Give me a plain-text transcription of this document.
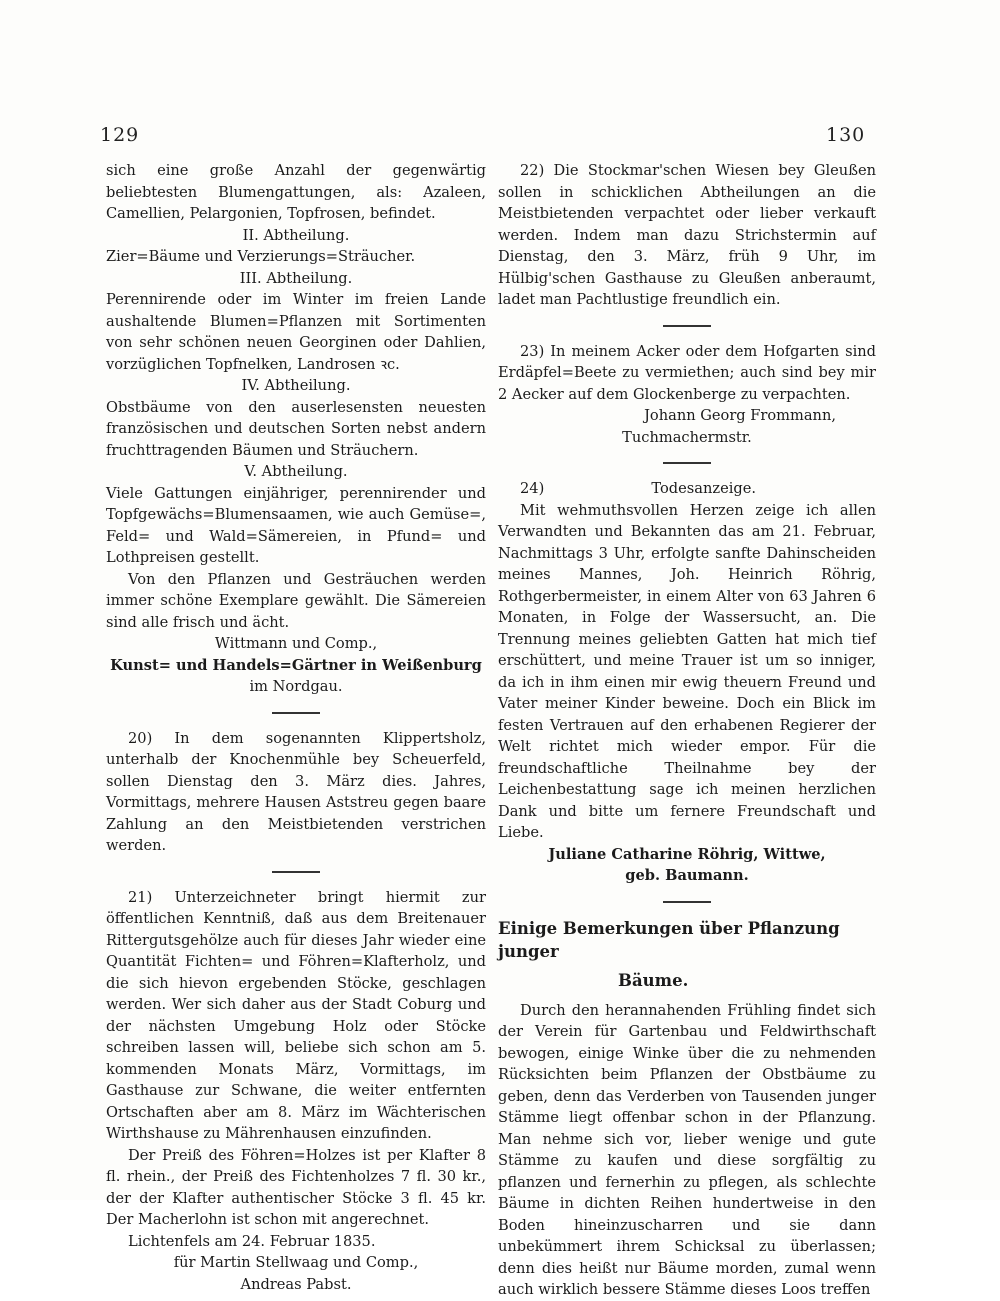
129	130

sich eine große Anzahl der gegenwärtig beliebtesten Blumengattungen, als: Azaleen, Camellien, Pelargonien, Topfrosen, befindet.

II. Abtheilung.

Zier=Bäume und Verzierungs=Sträucher.

III. Abtheilung.

Perennirende oder im Winter im freien Lande aushaltende Blumen=Pflanzen mit Sortimenten von sehr schönen neuen Georginen oder Dahlien, vorzüglichen Topfnelken, Landrosen ꝛc.

IV. Abtheilung.

Obstbäume von den auserlesensten neuesten französischen und deutschen Sorten nebst andern fruchttragenden Bäumen und Sträuchern.

V. Abtheilung.

Viele Gattungen einjähriger, perennirender und Topfgewächs=Blumensaamen, wie auch Gemüse=, Feld= und Wald=Sämereien, in Pfund= und Lothpreisen gestellt.

Von den Pflanzen und Gesträuchen werden immer schöne Exemplare gewählt. Die Sämereien sind alle frisch und ächt.

Wittmann und Comp.,

Kunst= und Handels=Gärtner in Weißenburg

im Nordgau.

20) In dem sogenannten Klippertsholz, unterhalb der Knochenmühle bey Scheuerfeld, sollen Dienstag den 3. März dies. Jahres, Vormittags, mehrere Hausen Aststreu gegen baare Zahlung an den Meistbietenden verstrichen werden.

21) Unterzeichneter bringt hiermit zur öffentlichen Kenntniß, daß aus dem Breitenauer Rittergutsgehölze auch für dieses Jahr wieder eine Quantität Fichten= und Föhren=Klafterholz, und die sich hievon ergebenden Stöcke, geschlagen werden. Wer sich daher aus der Stadt Coburg und der nächsten Umgebung Holz oder Stöcke schreiben lassen will, beliebe sich schon am 5. kommenden Monats März, Vormittags, im Gasthause zur Schwane, die weiter entfernten Ortschaften aber am 8. März im Wächterischen Wirthshause zu Mährenhausen einzufinden.

Der Preiß des Föhren=Holzes ist per Klafter 8 fl. rhein., der Preiß des Fichtenholzes 7 fl. 30 kr., der der Klafter authentischer Stöcke 3 fl. 45 kr. Der Macherlohn ist schon mit angerechnet.

Lichtenfels am 24. Februar 1835.

für Martin Stellwaag und Comp.,

Andreas Pabst.

22) Die Stockmar'schen Wiesen bey Gleußen sollen in schicklichen Abtheilungen an die Meistbietenden verpachtet oder lieber verkauft werden. Indem man dazu Strichstermin auf Dienstag, den 3. März, früh 9 Uhr, im Hülbig'schen Gasthause zu Gleußen anberaumt, ladet man Pachtlustige freundlich ein.

23) In meinem Acker oder dem Hofgarten sind Erdäpfel=Beete zu vermiethen; auch sind bey mir 2 Aecker auf dem Glockenberge zu verpachten.

Johann Georg Frommann,

Tuchmachermstr.

24)	Todesanzeige.

Mit wehmuthsvollen Herzen zeige ich allen Verwandten und Bekannten das am 21. Februar, Nachmittags 3 Uhr, erfolgte sanfte Dahinscheiden meines Mannes, Joh. Heinrich Röhrig, Rothgerbermeister, in einem Alter von 63 Jahren 6 Monaten, in Folge der Wassersucht, an. Die Trennung meines geliebten Gatten hat mich tief erschüttert, und meine Trauer ist um so inniger, da ich in ihm einen mir ewig theuern Freund und Vater meiner Kinder beweine. Doch ein Blick im festen Vertrauen auf den erhabenen Regierer der Welt richtet mich wieder empor. Für die freundschaftliche Theilnahme bey der Leichenbestattung sage ich meinen herzlichen Dank und bitte um fernere Freundschaft und Liebe.

Juliane Catharine Röhrig, Wittwe,

geb. Baumann.

Einige Bemerkungen über Pflanzung junger

Bäume.

Durch den herannahenden Frühling findet sich der Verein für Gartenbau und Feldwirthschaft bewogen, einige Winke über die zu nehmenden Rücksichten beim Pflanzen der Obstbäume zu geben, denn das Verderben von Tausenden junger Stämme liegt offenbar schon in der Pflanzung. Man nehme sich vor, lieber wenige und gute Stämme zu kaufen und diese sorgfältig zu pflanzen und fernerhin zu pflegen, als schlechte Bäume in dichten Reihen hundertweise in den Boden hineinzuscharren und sie dann unbekümmert ihrem Schicksal zu überlassen; denn dies heißt nur Bäume morden, zumal wenn auch wirklich bessere Stämme dieses Loos treffen
